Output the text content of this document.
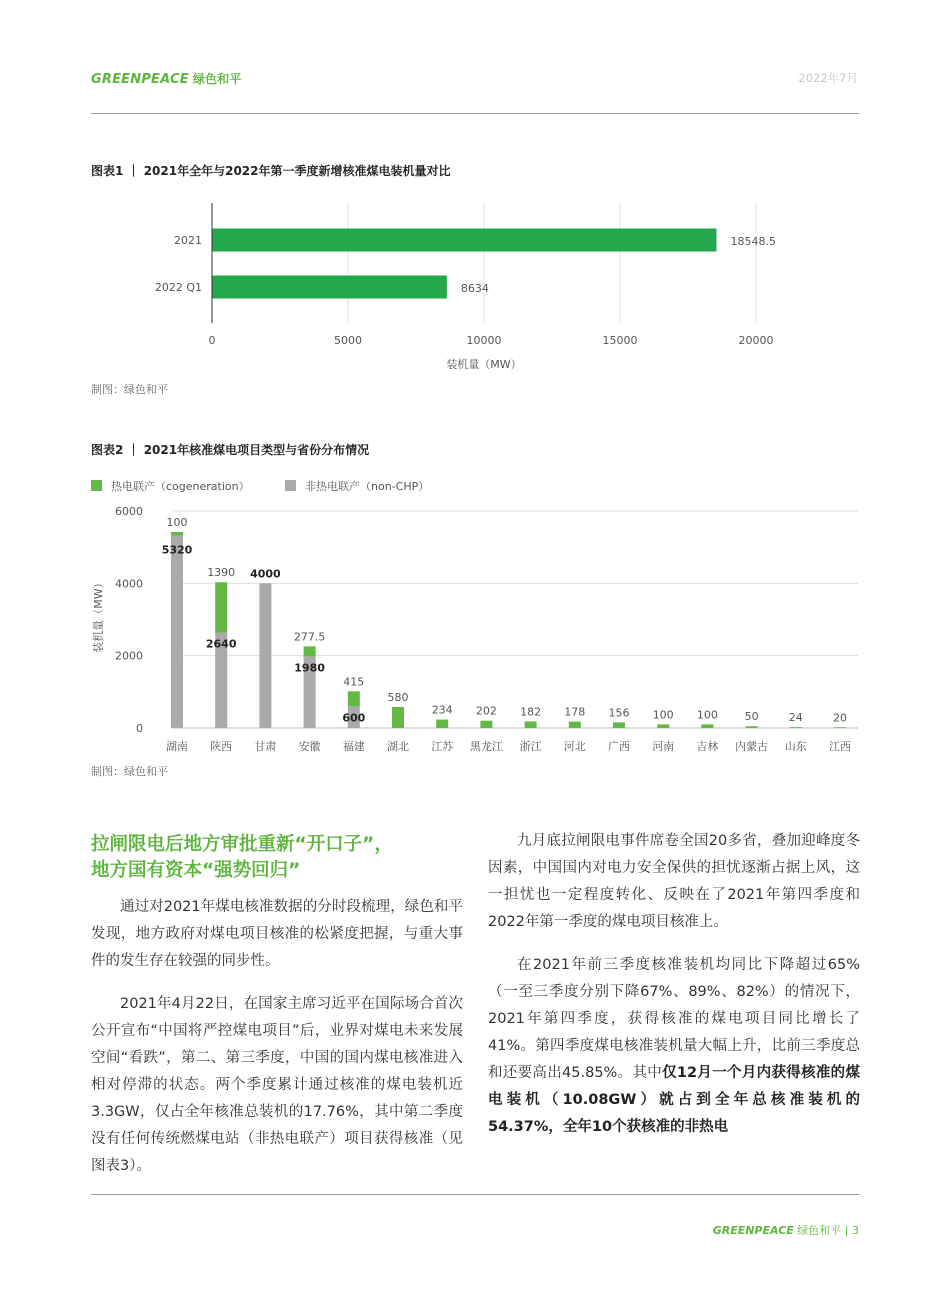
GREENPEACE 绿色和平	2022年7月
图表1 ｜ 2021年全年与2022年第一季度新增核准煤电装机量对比
2021	18548.5
2022 Q1	8634
0	5000	10000	15000	20000
装机量（MW）
制图：绿色和平
图表2 ｜ 2021年核准煤电项目类型与省份分布情况
热电联产（cogeneration）	非热电联产（non-CHP）
湖南
100
5320
陕西
1390
2640
甘肃
4000
安徽
277.5
1980
福建
415
600
湖北
580
江苏
234
黑龙江
202
浙江
182
河北
178
广西
156
河南
100
吉林
100
内蒙古
50
山东
24
江西
20
0
2000
4000
6000
装机量（MW）
制图：绿色和平
拉闸限电后地方审批重新“开口子”，
地方国有资本“强势回归”

通过对2021年煤电核准数据的分时段梳理，绿色和平发现，地方政府对煤电项目核准的松紧度把握，与重大事件的发生存在较强的同步性。

2021年4月22日，在国家主席习近平在国际场合首次公开宣布“中国将严控煤电项目”后，业界对煤电未来发展空间“看跌”，第二、第三季度，中国的国内煤电核准进入相对停滞的状态。两个季度累计通过核准的煤电装机近3.3GW，仅占全年核准总装机的17.76%，其中第二季度没有任何传统燃煤电站（非热电联产）项目获得核准（见图表3）。

九月底拉闸限电事件席卷全国20多省，叠加迎峰度冬因素，中国国内对电力安全保供的担忧逐渐占据上风，这一担忧也一定程度转化、反映在了2021年第四季度和2022年第一季度的煤电项目核准上。

在2021年前三季度核准装机均同比下降超过65%（一至三季度分别下降67%、89%、82%）的情况下，2021年第四季度，获得核准的煤电项目同比增长了41%。第四季度煤电核准装机量大幅上升，比前三季度总和还要高出45.85%。其中仅12月一个月内获得核准的煤电装机（10.08GW）就占到全年总核准装机的54.37%，全年10个获核准的非热电

GREENPEACE 绿色和平 | 3
